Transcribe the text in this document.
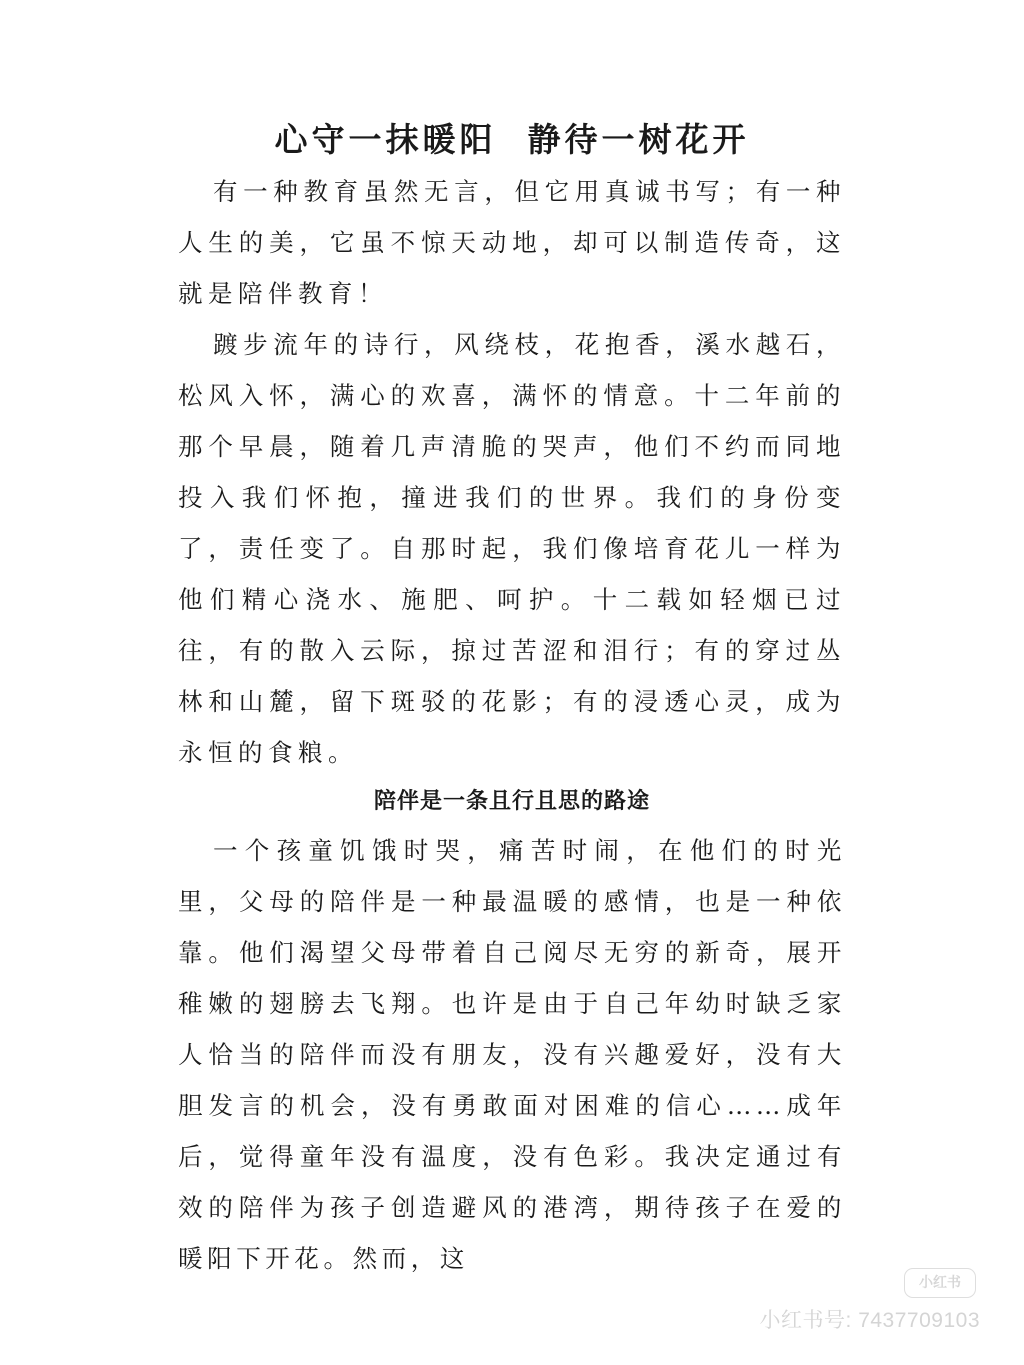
心守一抹暖阳  静待一树花开

有一种教育虽然无言，但它用真诚书写；有一种人生的美，它虽不惊天动地，却可以制造传奇，这就是陪伴教育！

踱步流年的诗行，风绕枝，花抱香，溪水越石，松风入怀，满心的欢喜，满怀的情意。十二年前的那个早晨，随着几声清脆的哭声，他们不约而同地投入我们怀抱，撞进我们的世界。我们的身份变了，责任变了。自那时起，我们像培育花儿一样为他们精心浇水、施肥、呵护。十二载如轻烟已过往，有的散入云际，掠过苦涩和泪行；有的穿过丛林和山麓，留下斑驳的花影；有的浸透心灵，成为永恒的食粮。

陪伴是一条且行且思的路途

一个孩童饥饿时哭，痛苦时闹，在他们的时光里，父母的陪伴是一种最温暖的感情，也是一种依靠。他们渴望父母带着自己阅尽无穷的新奇，展开稚嫩的翅膀去飞翔。也许是由于自己年幼时缺乏家人恰当的陪伴而没有朋友，没有兴趣爱好，没有大胆发言的机会，没有勇敢面对困难的信心……成年后，觉得童年没有温度，没有色彩。我决定通过有效的陪伴为孩子创造避风的港湾，期待孩子在爱的暖阳下开花。然而，这

小红书
小红书号: 7437709103
